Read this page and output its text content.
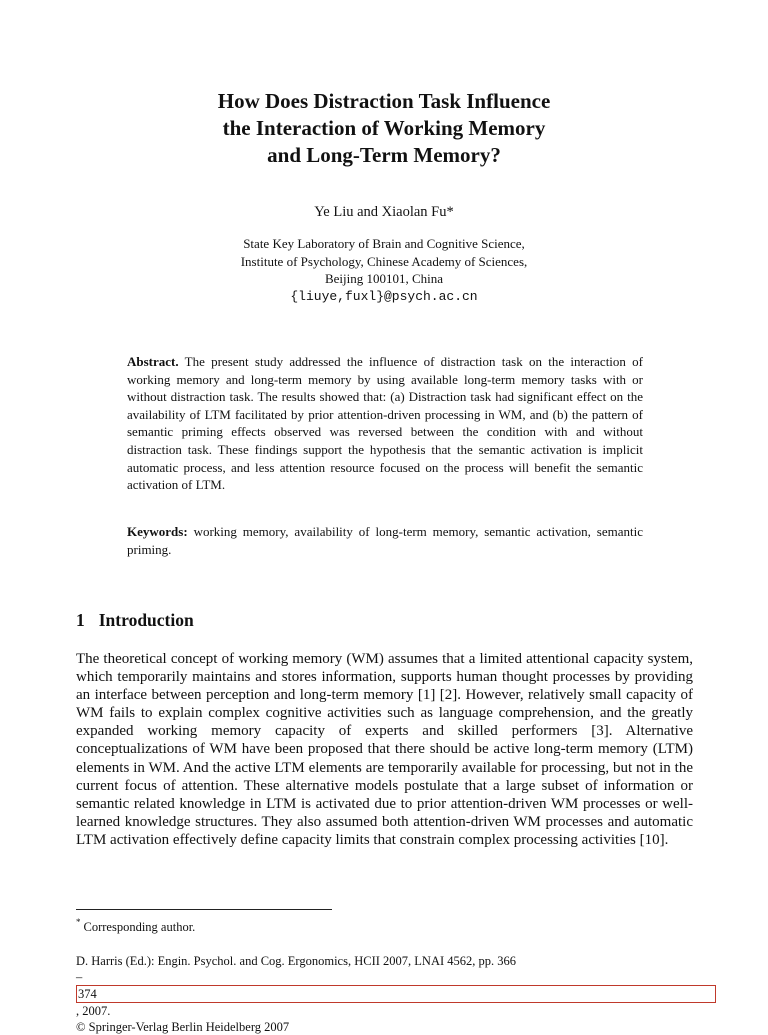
How Does Distraction Task Influence
the Interaction of Working Memory
and Long-Term Memory?
Ye Liu and Xiaolan Fu*
State Key Laboratory of Brain and Cognitive Science,
Institute of Psychology, Chinese Academy of Sciences,
Beijing 100101, China
{liuye,fuxl}@psych.ac.cn

Abstract. The present study addressed the influence of distraction task on the interaction of working memory and long-term memory by using available long-term memory tasks with or without distraction task. The results showed that: (a) Distraction task had significant effect on the availability of LTM facilitated by prior attention-driven processing in WM, and (b) the pattern of semantic priming effects observed was reversed between the condition with and without distraction task. These findings support the hypothesis that the semantic activation is implicit automatic process, and less attention resource focused on the process will benefit the semantic activation of LTM.

Keywords: working memory, availability of long-term memory, semantic activation, semantic priming.

1 Introduction

The theoretical concept of working memory (WM) assumes that a limited attentional capacity system, which temporarily maintains and stores information, supports human thought processes by providing an interface between perception and long-term memory [1] [2]. However, relatively small capacity of WM fails to explain complex cognitive activities such as language comprehension, and the greatly expanded working memory capacity of experts and skilled performers [3]. Alternative conceptualizations of WM have been proposed that there should be active long-term memory (LTM) elements in WM. And the active LTM elements are temporarily available for processing, but not in the current focus of attention. These alternative models postulate that a large subset of information or semantic related knowledge in LTM is activated due to prior attention-driven WM processes or well-learned knowledge structures. They also assumed both attention-driven WM processes and automatic LTM activation effectively define capacity limits that constrain complex processing activities [10].

* Corresponding author.
D. Harris (Ed.): Engin. Psychol. and Cog. Ergonomics, HCII 2007, LNAI 4562, pp. 366
–
374
, 2007.
© Springer-Verlag Berlin Heidelberg 2007
